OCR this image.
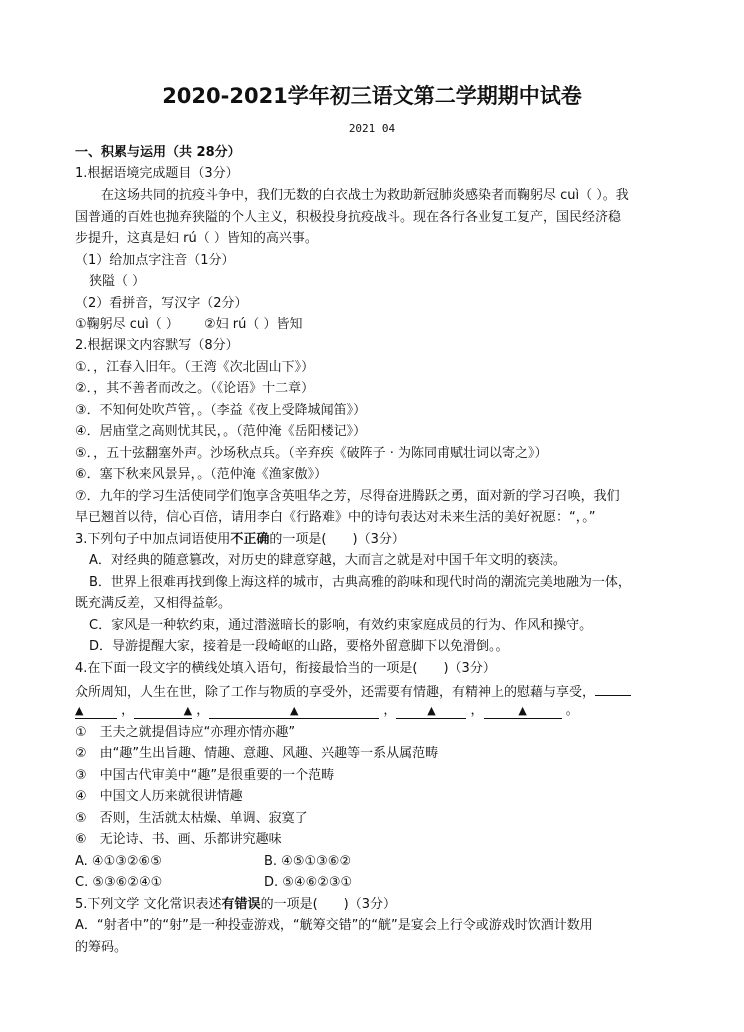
2020-2021学年初三语文第二学期期中试卷
2021 04
一、积累与运用（共 28分）
1.根据语境完成题目（3分）
在这场共同的抗疫斗争中，我们无数的白衣战士为救助新冠肺炎感染者而鞠躬尽 cuì（ ）。我
国普通的百姓也抛弃狭隘的个人主义，积极投身抗疫战斗。现在各行各业复工复产，国民经济稳
步提升，这真是妇 rú（ ）皆知的高兴事。
（1）给加点字注音（1分）
狭隘（ ）
（2）看拼音，写汉字（2分）
①鞠躬尽 cuì（ ） ②妇 rú（ ）皆知
2.根据课文内容默写（8分）
①．，江春入旧年。（王湾《次北固山下》）
②．，其不善者而改之。（《论语》十二章）
③．不知何处吹芦管，。（李益《夜上受降城闻笛》）
④．居庙堂之高则忧其民，。（范仲淹《岳阳楼记》）
⑤．，五十弦翻塞外声。沙场秋点兵。（辛弃疾《破阵子 · 为陈同甫赋壮词以寄之》）
⑥．塞下秋来风景异，。（范仲淹《渔家傲》）
⑦．九年的学习生活使同学们饱享含英咀华之芳，尽得奋进腾跃之勇，面对新的学习召唤，我们
早已翘首以待，信心百倍，请用李白《行路难》中的诗句表达对未来生活的美好祝愿：“，。”
3.下列句子中加点词语使用不正确的一项是(　　)（3分）
A．对经典的随意篡改，对历史的肆意穿越，大而言之就是对中国千年文明的亵渎。
B．世界上很难再找到像上海这样的城市，古典高雅的韵味和现代时尚的潮流完美地融为一体，
既充满反差，又相得益彰。
C．家风是一种软约束，通过潜滋暗长的影响，有效约束家庭成员的行为、作风和操守。
D．导游提醒大家，接着是一段崎岖的山路，要格外留意脚下以免滑倒。。
4.在下面一段文字的横线处填入语句，衔接最恰当的一项是(　　)（3分）
众所周知，人生在世，除了工作与物质的享受外，还需要有情趣，有精神上的慰藉与享受，
▲	，	▲ ，	▲	，	▲ ，	▲	。
①　王夫之就提倡诗应“亦理亦情亦趣”
②　由“趣”生出旨趣、情趣、意趣、风趣、兴趣等一系从属范畴
③　中国古代审美中“趣”是很重要的一个范畴
④　中国文人历来就很讲情趣
⑤　否则，生活就太枯燥、单调、寂寞了
⑥　无论诗、书、画、乐都讲究趣味
A. ④①③②⑥⑤	B. ④⑤①③⑥②
C. ⑤③⑥②④①	D. ⑤④⑥②③①
5.下列文学 文化常识表述有错误的一项是(　　)（3分）
A．“射者中”的“射”是一种投壶游戏，“觥筹交错”的“觥”是宴会上行令或游戏时饮酒计数用
的筹码。
